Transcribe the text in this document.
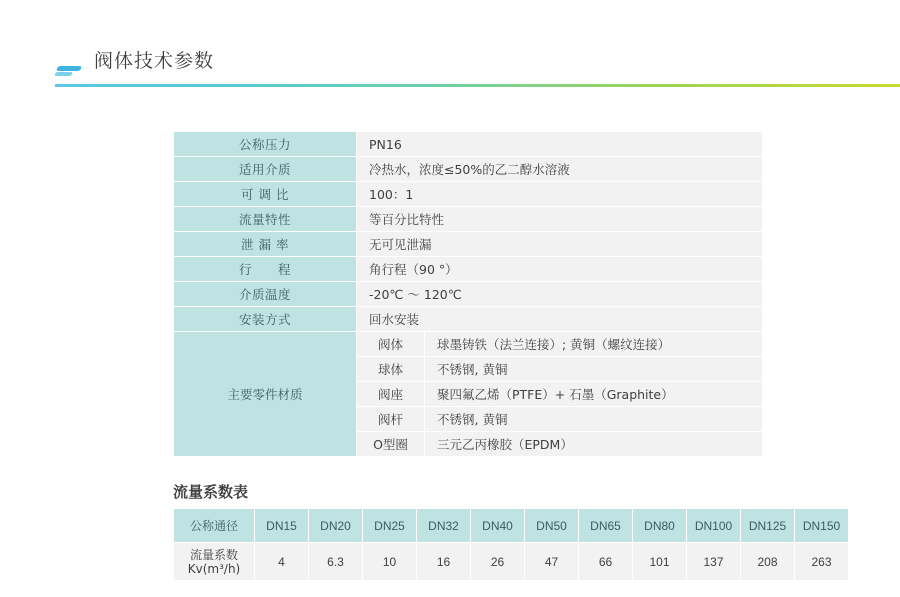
阀体技术参数
公称压力	PN16	
适用介质	冷热水，浓度≤50%的乙二醇水溶液	
可 调 比	100：1	
流量特性	等百分比特性	
泄 漏 率	无可见泄漏	
行　　程	角行程（90 °）	
介质温度	-20℃ ～ 120℃	
安装方式	回水安装	
主要零件材质	阀体	球墨铸铁（法兰连接）; 黄铜（螺纹连接）
	球体	不锈钢, 黄铜
	阀座	聚四氟乙烯（PTFE）+ 石墨（Graphite）
	阀杆	不锈钢, 黄铜
	O型圈	三元乙丙橡胶（EPDM）
流量系数表
公称通径	DN15	DN20	DN25	DN32	DN40	DN50	DN65	DN80	DN100	DN125	DN150

流量系数
Kv(m³/h)	4	6.3	10	16	26	47	66	101	137	208	263
